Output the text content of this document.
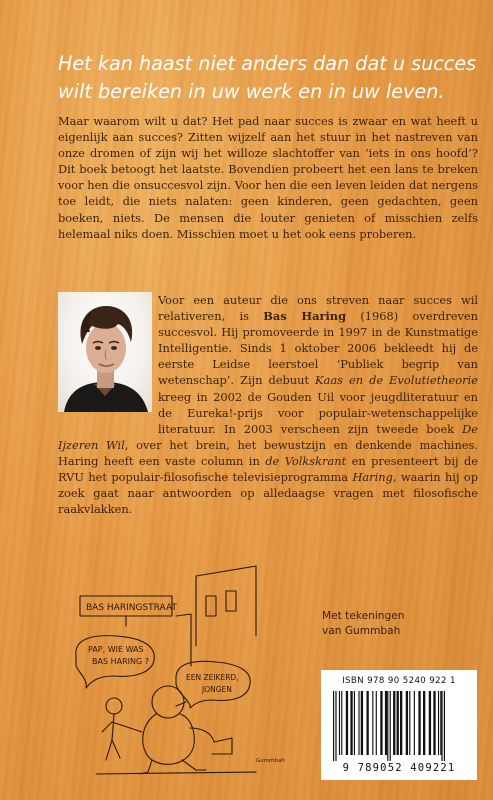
Het kan haast niet anders dan dat u succes wilt bereiken in uw werk en in uw leven.

Maar waarom wilt u dat? Het pad naar succes is zwaar en wat heeft u eigenlijk aan succes? Zitten wijzelf aan het stuur in het nastreven van onze dromen of zijn wij het willoze slachtoffer van ‘iets in ons hoofd’? Dit boek betoogt het laatste. Bovendien probeert het een lans te breken voor hen die onsuccesvol zijn. Voor hen die een leven leiden dat nergens toe leidt, die niets nalaten: geen kinderen, geen gedachten, geen boeken, niets. De mensen die louter genieten of misschien zelfs helemaal niks doen. Misschien moet u het ook eens proberen.

Voor een auteur die ons streven naar succes wil relativeren, is Bas Haring (1968) overdreven succesvol. Hij promoveerde in 1997 in de Kunstmatige Intelligentie. Sinds 1 oktober 2006 bekleedt hij de eerste Leidse leerstoel ‘Publiek begrip van wetenschap’. Zijn debuut Kaas en de Evolutietheorie kreeg in 2002 de Gouden Uil voor jeugdliteratuur en de Eureka!-prijs voor populair-wetenschappelijke literatuur. In 2003 verscheen zijn tweede boek De Ijzeren Wil, over het brein, het bewustzijn en denkende machines. Haring heeft een vaste column in de Volkskrant en presenteert bij de RVU het populair-filosofische televisieprogramma Haring, waarin hij op zoek gaat naar antwoorden op alledaagse vragen met filosofische raakvlakken.

BAS HARINGSTRAAT
PAP, WIE WAS
BAS HARING ?
EEN ZEIKERD,
JONGEN
Gummbah
Met tekeningen
van Gummbah
ISBN 978 90 5240 922 1
9 789052 409221
